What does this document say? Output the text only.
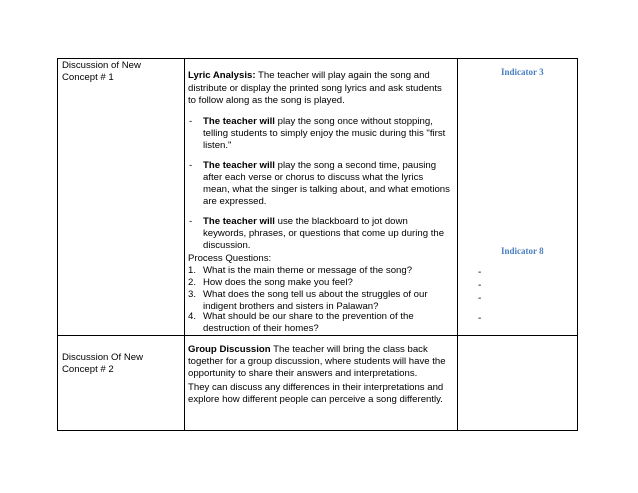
Discussion of New
Concept # 1	Lyric Analysis: The teacher will play again the song and
distribute or display the printed song lyrics and ask students
to follow along as the song is played.
- The teacher will play the song once without stopping,
telling students to simply enjoy the music during this "first
listen."
- The teacher will play the song a second time, pausing
after each verse or chorus to discuss what the lyrics
mean, what the singer is talking about, and what emotions
are expressed.
- The teacher will use the blackboard to jot down
keywords, phrases, or questions that come up during the
discussion.
Process Questions:
1. What is the main theme or message of the song?
2. How does the song make you feel?
3. What does the song tell us about the struggles of our
indigent brothers and sisters in Palawan?
4. What should be our share to the prevention of the
destruction of their homes?
Indicator 3
Indicator 8
-
-
-
-
Discussion Of New
Concept # 2
Group Discussion The teacher will bring the class back
together for a group discussion, where students will have the
opportunity to share their answers and interpretations.
They can discuss any differences in their interpretations and
explore how different people can perceive a song differently.
